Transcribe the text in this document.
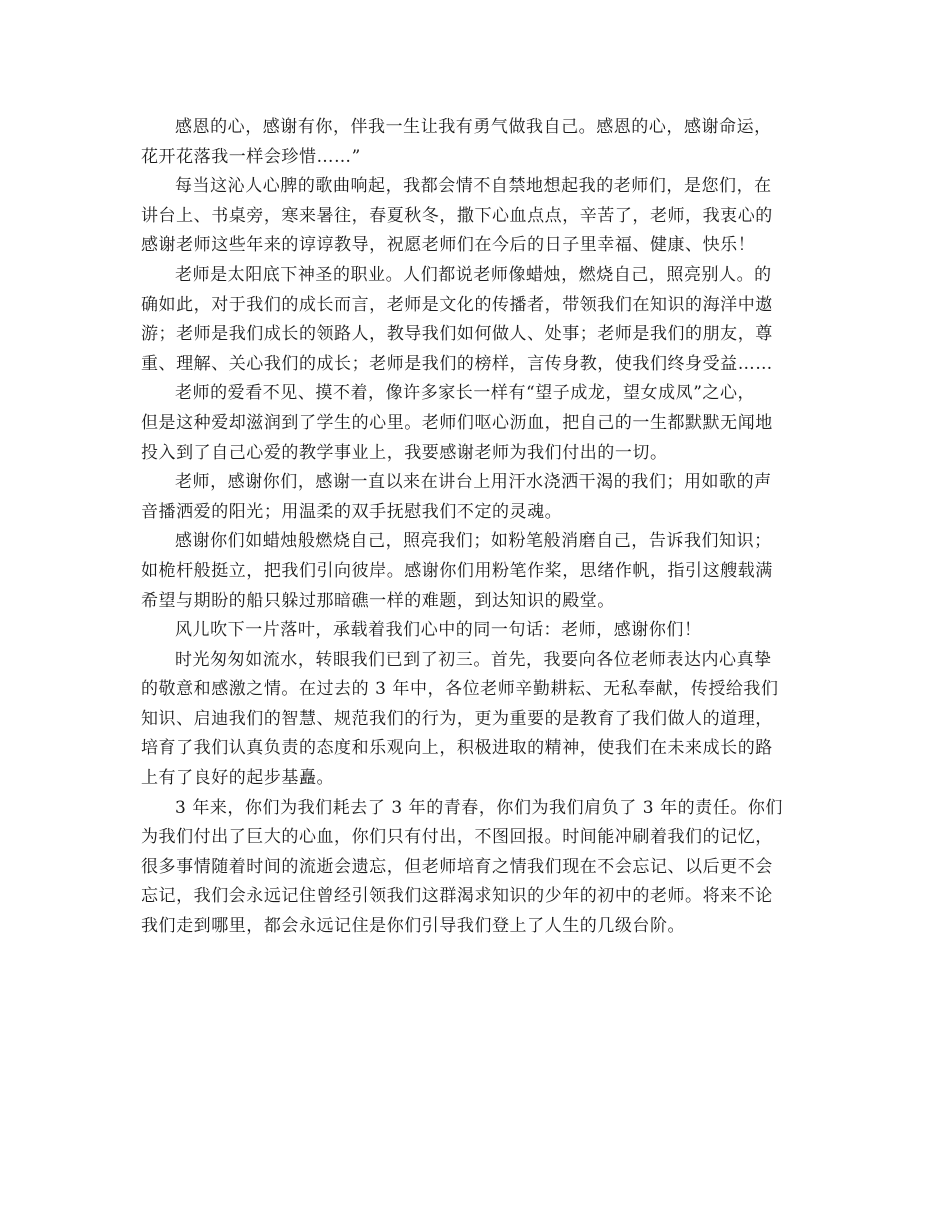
感恩的心，感谢有你，伴我一生让我有勇气做我自己。感恩的心，感谢命运，
花开花落我一样会珍惜……”

每当这沁人心脾的歌曲响起，我都会情不自禁地想起我的老师们，是您们，在
讲台上、书桌旁，寒来暑往，春夏秋冬，撒下心血点点，辛苦了，老师，我衷心的
感谢老师这些年来的谆谆教导，祝愿老师们在今后的日子里幸福、健康、快乐！

老师是太阳底下神圣的职业。人们都说老师像蜡烛，燃烧自己，照亮别人。的
确如此，对于我们的成长而言，老师是文化的传播者，带领我们在知识的海洋中遨
游；老师是我们成长的领路人，教导我们如何做人、处事；老师是我们的朋友，尊
重、理解、关心我们的成长；老师是我们的榜样，言传身教，使我们终身受益……

老师的爱看不见、摸不着，像许多家长一样有“望子成龙，望女成凤”之心，
但是这种爱却滋润到了学生的心里。老师们呕心沥血，把自己的一生都默默无闻地
投入到了自己心爱的教学事业上，我要感谢老师为我们付出的一切。

老师，感谢你们，感谢一直以来在讲台上用汗水浇洒干渴的我们；用如歌的声
音播洒爱的阳光；用温柔的双手抚慰我们不定的灵魂。

感谢你们如蜡烛般燃烧自己，照亮我们；如粉笔般消磨自己，告诉我们知识；
如桅杆般挺立，把我们引向彼岸。感谢你们用粉笔作桨，思绪作帆，指引这艘载满
希望与期盼的船只躲过那暗礁一样的难题，到达知识的殿堂。

风儿吹下一片落叶，承载着我们心中的同一句话：老师，感谢你们！

时光匆匆如流水，转眼我们已到了初三。首先，我要向各位老师表达内心真挚
的敬意和感激之情。在过去的 3 年中，各位老师辛勤耕耘、无私奉献，传授给我们
知识、启迪我们的智慧、规范我们的行为，更为重要的是教育了我们做人的道理，
培育了我们认真负责的态度和乐观向上，积极进取的精神，使我们在未来成长的路
上有了良好的起步基矗。

3 年来，你们为我们耗去了 3 年的青春，你们为我们肩负了 3 年的责任。你们
为我们付出了巨大的心血，你们只有付出，不图回报。时间能冲刷着我们的记忆，
很多事情随着时间的流逝会遗忘，但老师培育之情我们现在不会忘记、以后更不会
忘记，我们会永远记住曾经引领我们这群渴求知识的少年的初中的老师。将来不论
我们走到哪里，都会永远记住是你们引导我们登上了人生的几级台阶。
